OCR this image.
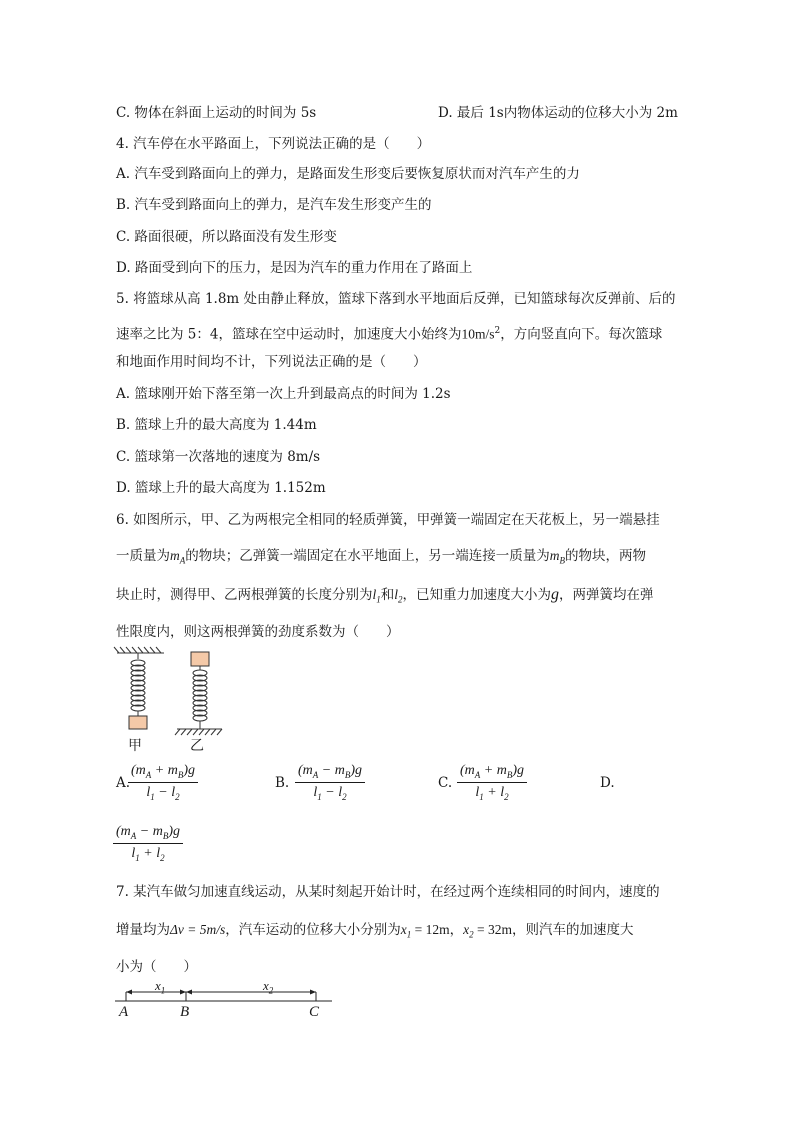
C. 物体在斜面上运动的时间为 5s	D. 最后 1s内物体运动的位移大小为 2m
4. 汽车停在水平路面上，下列说法正确的是（　　）
A. 汽车受到路面向上的弹力，是路面发生形变后要恢复原状而对汽车产生的力
B. 汽车受到路面向上的弹力，是汽车发生形变产生的
C. 路面很硬，所以路面没有发生形变
D. 路面受到向下的压力，是因为汽车的重力作用在了路面上
5. 将篮球从高 1.8m 处由静止释放，篮球下落到水平地面后反弹，已知篮球每次反弹前、后的
速率之比为 5：4，篮球在空中运动时，加速度大小始终为$10m/s^2$，方向竖直向下。每次篮球
和地面作用时间均不计，下列说法正确的是（　　）
A. 篮球刚开始下落至第一次上升到最高点的时间为 1.2s
B. 篮球上升的最大高度为 1.44m
C. 篮球第一次落地的速度为 8m/s
D. 篮球上升的最大高度为 1.152m
6. 如图所示，甲、乙为两根完全相同的轻质弹簧，甲弹簧一端固定在天花板上，另一端悬挂
一质量为$m_A$的物块；乙弹簧一端固定在水平地面上，另一端连接一质量为$m_B$的物块，两物
块止时，测得甲、乙两根弹簧的长度分别为$l_1$和$l_2$，已知重力加速度大小为g，两弹簧均在弹
性限度内，则这两根弹簧的劲度系数为（　　）
甲	乙
A.
$\frac{(m_A + m_B)g}{l_1 - l_2}$	B. $\frac{(m_A - m_B)g}{l_1 - l_2}$	C. $\frac{(m_A + m_B)g}{l_1 + l_2}$	D.
$\frac{(m_A - m_B)g}{l_1 + l_2}$
7. 某汽车做匀加速直线运动，从某时刻起开始计时，在经过两个连续相同的时间内，速度的
增量均为Δv = 5m/s，汽车运动的位移大小分别为$x_1 = 12m$，$x_2 = 32m$，则汽车的加速度大
小为（　　）
$x_1$	$x_2$
A	B	C
